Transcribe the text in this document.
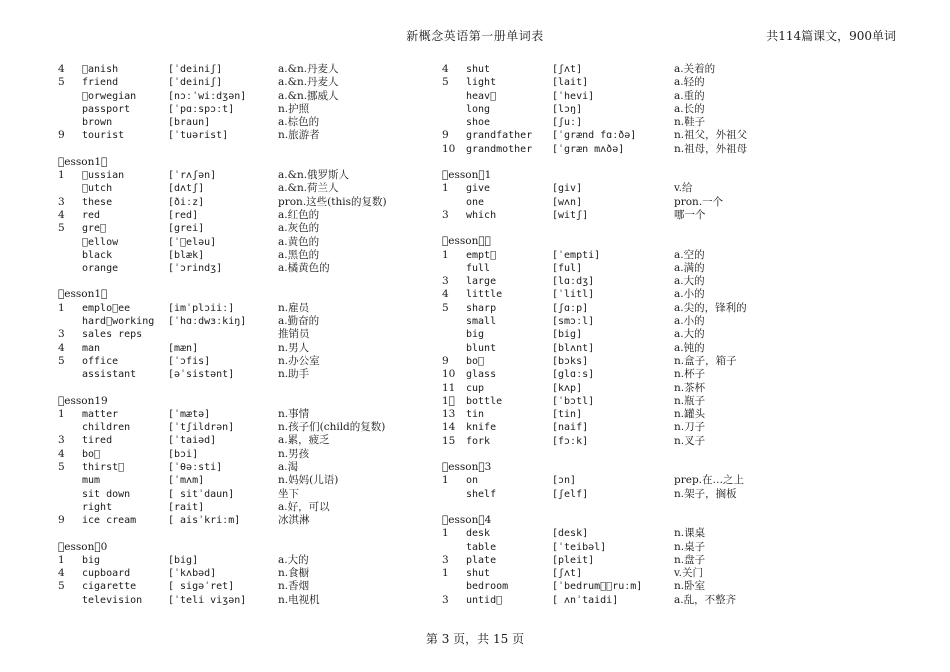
新概念英语第一册单词表	共114篇课文，900单词
4  anish	[ˈdeiniʃ]	a.&n.丹麦人
5 friend	[ˈdeiniʃ]	a.&n.丹麦人
 orwegian	[nɔːˈwiːdʒən]	a.&n.挪威人
passport	[ˈpɑːspɔːt]	n.护照
brown	[braun]	a.棕色的
9 tourist	[ˈtuərist]	n.旅游者
 esson1 
1  ussian	[ˈrʌʃən]	a.&n.俄罗斯人
 utch	[dʌtʃ]	a.&n.荷兰人
3 these	[ðiːz]	pron.这些(this的复数)
4 red	[red]	a.红色的
5 gre 	[grei]	a.灰色的
 ellow	[ˈ eləu]	a.黄色的
black	[blæk]	a.黑色的
orange	[ˈɔrindʒ]	a.橘黄色的
 esson1 
1 emplo ee	[imˈplɔiiː]	n.雇员
hard working [ˈhɑːdwɜːkiŋ]	a.勤奋的
3 sales reps	推销员
4 man	[mæn]	n.男人
5 office	[ˈɔfis]	n.办公室
assistant	[əˈsistənt]	n.助手
 esson19
1 matter	[ˈmætə]	n.事情
children	[ˈtʃildrən]	n.孩子们(child的复数)
3 tired	[ˈtaiəd]	a.累，疲乏
4 bo 	[bɔi]	n.男孩
5 thirst 	[ˈθəːsti]	a.渴
mum	[ˈmʌm]	n.妈妈(儿语)
sit down	[ sitˈdaun]	坐下
right	[rait]	a.好，可以
9 ice cream	[ aisˈkriːm]	冰淇淋
 esson 0
1 big	[big]	a.大的
4 cupboard	[ˈkʌbəd]	n.食橱
5 cigarette	[ sigəˈret]	n.香烟
television	[ˈteli viʒən]	n.电视机
4 shut	[ʃʌt]	a.关着的
5 light	[lait]	a.轻的
heav 	[ˈhevi]	a.重的
long	[lɔŋ]	a.长的
shoe	[ʃuː]	n.鞋子
9 grandfather [ˈgrænd fɑːðə]	n.祖父，外祖父
10 grandmother [ˈgræn mʌðə]	n.祖母，外祖母
 esson 1
1 give	[giv]	v.给
one	[wʌn]	pron.一个
3 which	[witʃ]	哪一个
 esson  
1 empt 	[ˈempti]	a.空的
full	[ful]	a.满的
3 large	[lɑːdʒ]	a.大的
4 little	[ˈlitl]	a.小的
5 sharp	[ʃɑːp]	a.尖的，锋利的
small	[smɔːl]	a.小的
big	[big]	a.大的
blunt	[blʌnt]	a.钝的
9 bo 	[bɔks]	n.盒子，箱子
10 glass	[glɑːs]	n.杯子
11 cup	[kʌp]	n.茶杯
1  bottle	[ˈbɔtl]	n.瓶子
13 tin	[tin]	n.罐头
14 knife	[naif]	n.刀子
15 fork	[fɔːk]	n.叉子
 esson 3
1 on	[ɔn]	prep.在…之上
shelf	[ʃelf]	n.架子，搁板
 esson 4
1 desk	[desk]	n.课桌
table	[ˈteibəl]	n.桌子
3 plate	[pleit]	n.盘子
1 shut	[ʃʌt]	v.关门
bedroom	[ˈbedrum  ruːm]	n.卧室
3 untid 	[ ʌnˈtaidi]	a.乱，不整齐
第 3 页，共 15 页
